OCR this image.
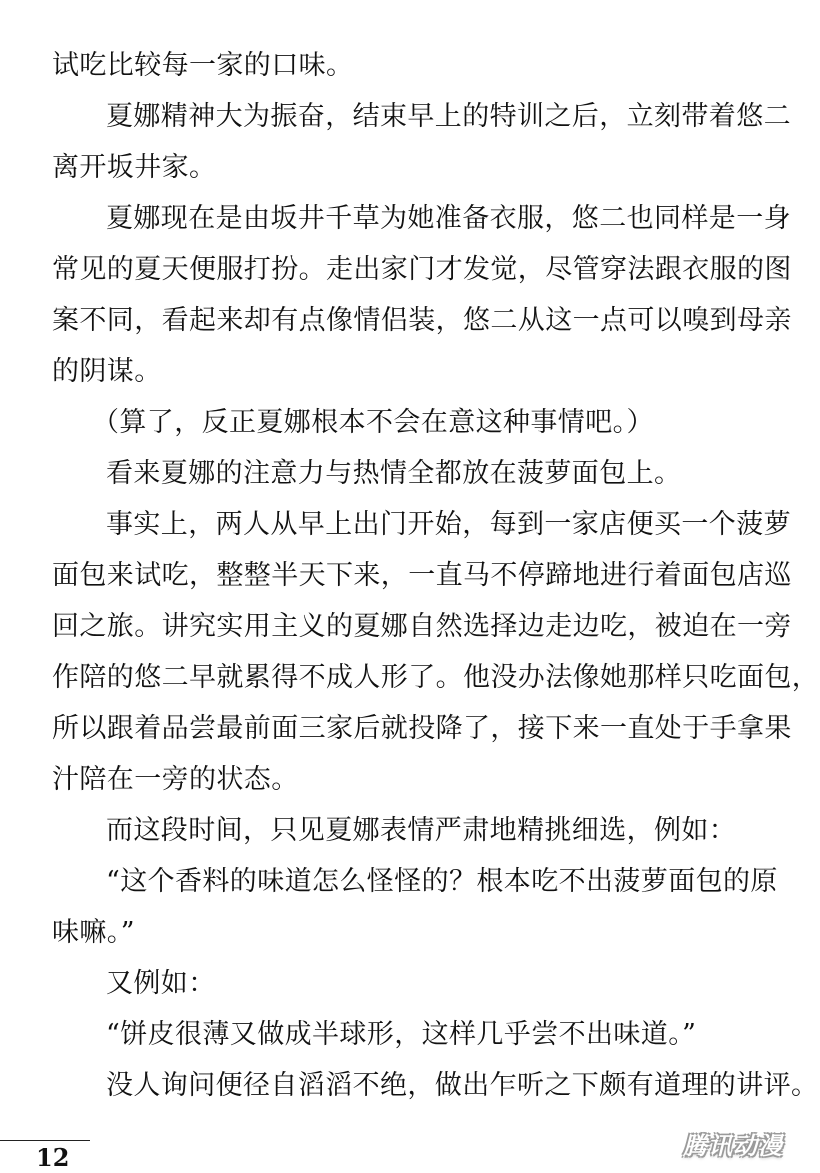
试吃比较每一家的口味。
夏娜精神大为振奋，结束早上的特训之后，立刻带着悠二
离开坂井家。
夏娜现在是由坂井千草为她准备衣服，悠二也同样是一身
常见的夏天便服打扮。走出家门才发觉，尽管穿法跟衣服的图
案不同，看起来却有点像情侣装，悠二从这一点可以嗅到母亲
的阴谋。
（算了，反正夏娜根本不会在意这种事情吧。）
看来夏娜的注意力与热情全都放在菠萝面包上。
事实上，两人从早上出门开始，每到一家店便买一个菠萝
面包来试吃，整整半天下来，一直马不停蹄地进行着面包店巡
回之旅。讲究实用主义的夏娜自然选择边走边吃，被迫在一旁
作陪的悠二早就累得不成人形了。他没办法像她那样只吃面包，
所以跟着品尝最前面三家后就投降了，接下来一直处于手拿果
汁陪在一旁的状态。
而这段时间，只见夏娜表情严肃地精挑细选，例如：
“这个香料的味道怎么怪怪的？根本吃不出菠萝面包的原
味嘛。”
又例如：
“饼皮很薄又做成半球形，这样几乎尝不出味道。”
没人询问便径自滔滔不绝，做出乍听之下颇有道理的讲评。
12	腾讯动漫
